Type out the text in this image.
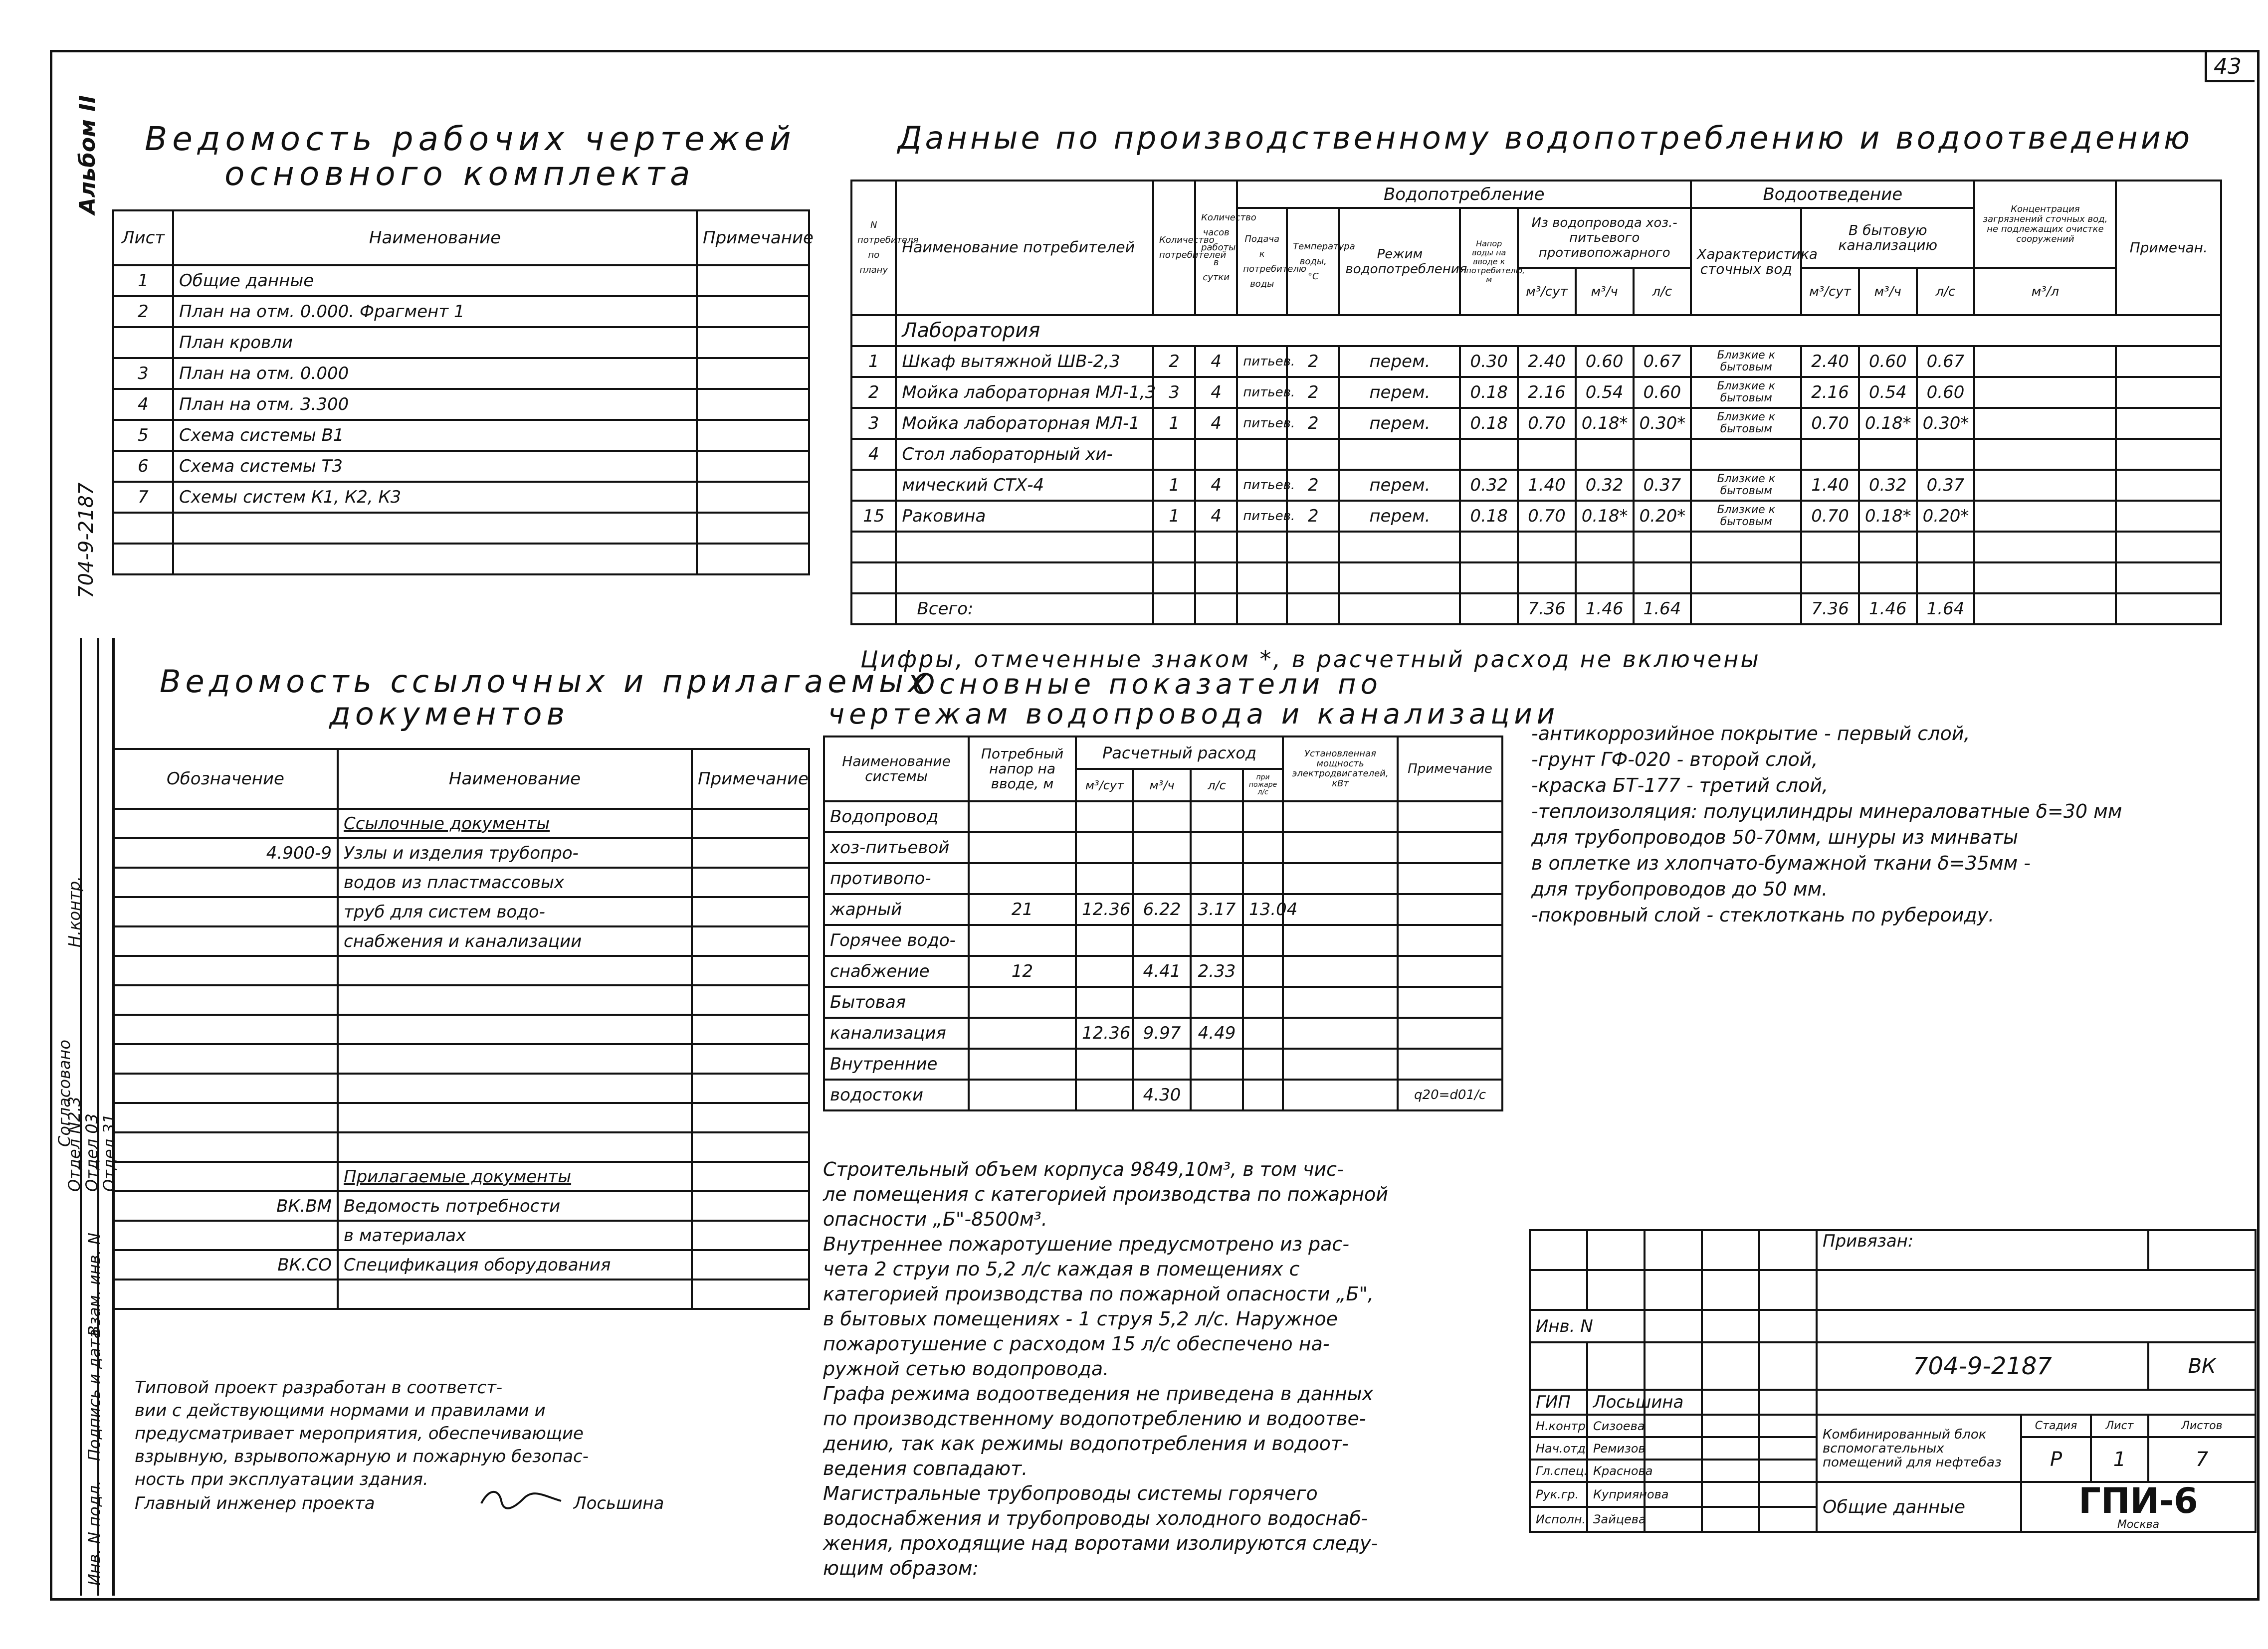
43
Альбом II
704-9-2187
Инв. N подл.
Подпись и дата
Взам. инв. N
Согласовано
Отдел N2.3
Отдел 03
Отдел 31
Н.контр.
Ведомость рабочих чертежей
основного комплекта
Лист	Наименование	Примечание
1	Общие данные	
2	План на отм. 0.000. Фрагмент 1	
	План кровли	
3	План на отм. 0.000	
4	План на отм. 3.300	
5	Схема системы В1	
6	Схема системы Т3	
7	Схемы систем К1, К2, К3	

Ведомость ссылочных и прилагаемых
документов
Обозначение	Наименование	Примечание
	Ссылочные документы	
4.900-9	Узлы и изделия трубопро-	
	водов из пластмассовых	
	труб для систем водо-	
	снабжения и канализации	

	Прилагаемые документы	
ВК.ВМ	Ведомость потребности	
	в материалах	
ВК.СО	Спецификация оборудования	

Типовой проект разработан в соответст-
вии с действующими нормами и правилами и
предусматривает мероприятия, обеспечивающие
взрывную, взрывопожарную и пожарную безопас-
ность при эксплуатации здания.
Главный инженер проекта	Лосьшина
Данные по производственному водопотреблению и водоотведению
N потребителя по плану	Наименование потребителей	Количество потребителей	Количество часов работы в сутки	Водопотребление							Водоотведение				Концентрация загрязнений сточных вод, не подлежащих очистке сооружений	Примечан.
				Подача к потребителю воды	Температура воды, °С	Режим водопотребления	Напор воды на вводе к потребителю, м	Из водопровода хоз.-питьевого противопожарного			Характеристика сточных вод	В бытовую канализацию				
								м³/сут	м³/ч	л/с		м³/сут	м³/ч	л/с	м³/л	
	Лаборатория															
1	Шкаф вытяжной ШВ-2,3	2	4	питьев.	2	перем.	0.30	2.40	0.60	0.67	Близкие к бытовым	2.40	0.60	0.67		
2	Мойка лабораторная МЛ-1,3	3	4	питьев.	2	перем.	0.18	2.16	0.54	0.60	Близкие к бытовым	2.16	0.54	0.60		
3	Мойка лабораторная МЛ-1	1	4	питьев.	2	перем.	0.18	0.70	0.18*	0.30*	Близкие к бытовым	0.70	0.18*	0.30*		
4	Стол лабораторный хи-															
	мический СТХ-4	1	4	питьев.	2	перем.	0.32	1.40	0.32	0.37	Близкие к бытовым	1.40	0.32	0.37		
15	Раковина	1	4	питьев.	2	перем.	0.18	0.70	0.18*	0.20*	Близкие к бытовым	0.70	0.18*	0.20*		

	Всего:							7.36	1.46	1.64		7.36	1.46	1.64		
Цифры, отмеченные знаком *, в расчетный расход не включены
Основные показатели по
чертежам водопровода и канализации
Наименование системы	Потребный напор на вводе, м	Расчетный расход				Установленная мощность электродвигателей, кВт	Примечание
		м³/сут	м³/ч	л/с	при пожаре л/с		
Водопровод							
хоз-питьевой							
противопо-							
жарный	21	12.36	6.22	3.17	13.04		
Горячее водо-							
снабжение	12		4.41	2.33			
Бытовая							
канализация		12.36	9.97	4.49			
Внутренние							
водостоки			4.30				q20=d01/c
-антикоррозийное покрытие - первый слой,
-грунт ГФ-020 - второй слой,
-краска БТ-177 - третий слой,
-теплоизоляция: полуцилиндры минераловатные δ=30 мм
для трубопроводов 50-70мм, шнуры из минваты
в оплетке из хлопчато-бумажной ткани δ=35мм -
для трубопроводов до 50 мм.
-покровный слой - стеклоткань по рубероиду.
Строительный объем корпуса 9849,10м³, в том чис-
ле помещения с категорией производства по пожарной
опасности „Б"-8500м³.
Внутреннее пожаротушение предусмотрено из рас-
чета 2 струи по 5,2 л/с каждая в помещениях с
категорией производства по пожарной опасности „Б",
в бытовых помещениях - 1 струя 5,2 л/с. Наружное
пожаротушение с расходом 15 л/с обеспечено на-
ружной сетью водопровода.
Графа режима водоотведения не приведена в данных
по производственному водопотреблению и водоотве-
дению, так как режимы водопотребления и водоот-
ведения совпадают.
Магистральные трубопроводы системы горячего
водоснабжения и трубопроводы холодного водоснаб-
жения, проходящие над воротами изолируются следу-
ющим образом:
					Привязан:			

Инв. N								
					704-9-2187			ВК
ГИП	Лосьшина							
Н.контр.	Сизоева				Комбинированный блок вспомогательных помещений для нефтебаз	Стадия	Лист	Листов
Нач.отд.	Ремизов					Р	1	7
Гл.спец.	Краснова							
Рук.гр.	Куприянова				Общие данные	ГПИ-6
Москва		

Исполн.	Зайцева							
